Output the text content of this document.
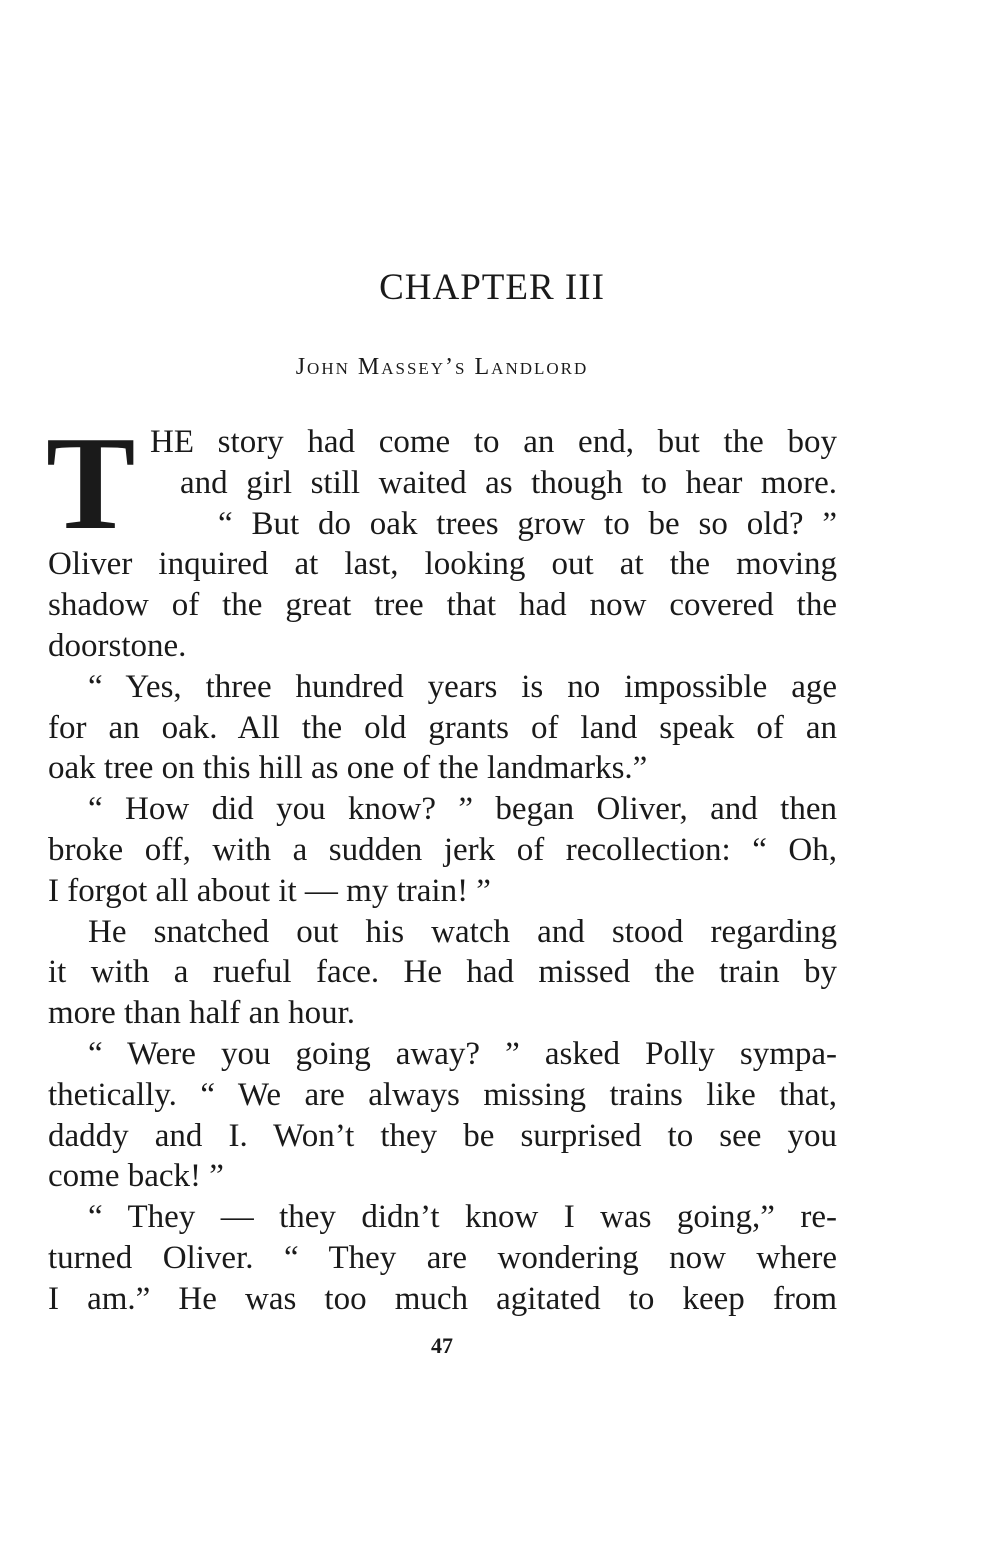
CHAPTER III
John Massey’s Landlord
T HE story had come to an end, but the boy
and girl still waited as though to hear more.
“ But do oak trees grow to be so old? ”
Oliver inquired at last, looking out at the moving
shadow of the great tree that had now covered the
doorstone.
“ Yes, three hundred years is no impossible age
for an oak. All the old grants of land speak of an
oak tree on this hill as one of the landmarks.”
“ How did you know? ” began Oliver, and then
broke off, with a sudden jerk of recollection: “ Oh,
I forgot all about it — my train! ”
He snatched out his watch and stood regarding
it with a rueful face. He had missed the train by
more than half an hour.
“ Were you going away? ” asked Polly sympa-
thetically. “ We are always missing trains like that,
daddy and I. Won’t they be surprised to see you
come back! ”
“ They — they didn’t know I was going,” re-
turned Oliver. “ They are wondering now where
I am.” He was too much agitated to keep from
47
